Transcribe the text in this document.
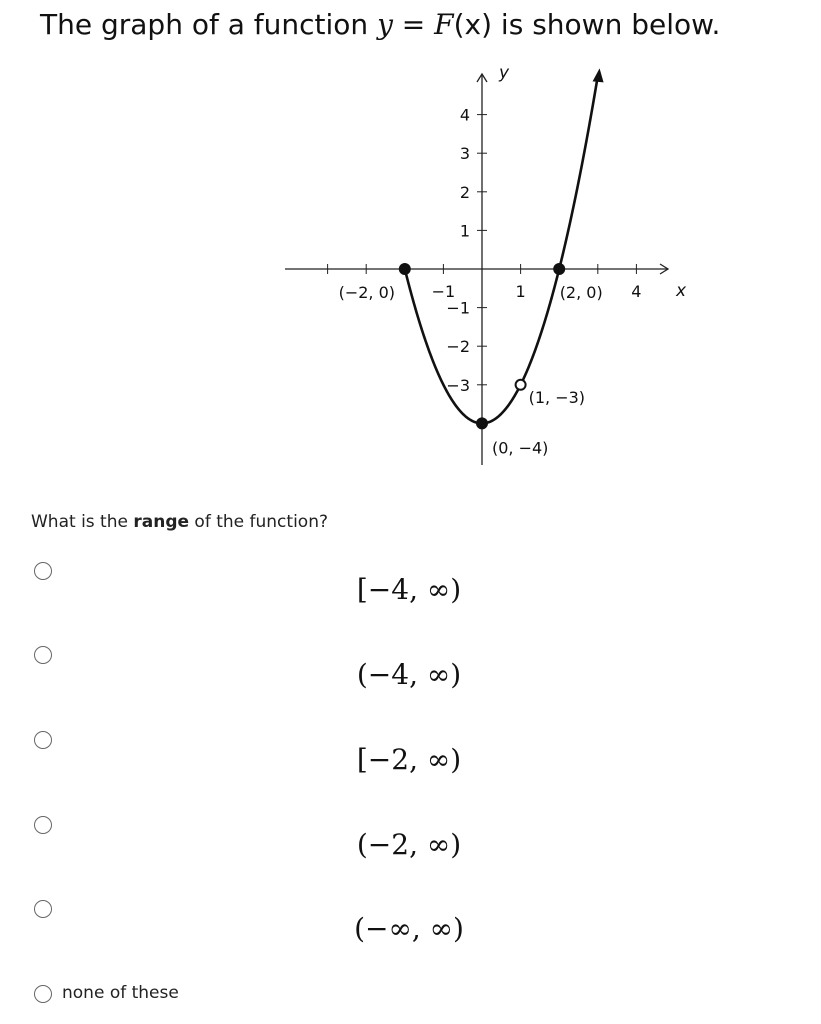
The graph of a function y = F(x) is shown below.
−1	1	4
4
3
2
1
−1
−2
−3
y
x
(−2, 0)	(2, 0)
(1, −3)
(0, −4)
What is the range of the function?
[−4, ∞)
(−4, ∞)
[−2, ∞)
(−2, ∞)
(−∞, ∞)
none of these
